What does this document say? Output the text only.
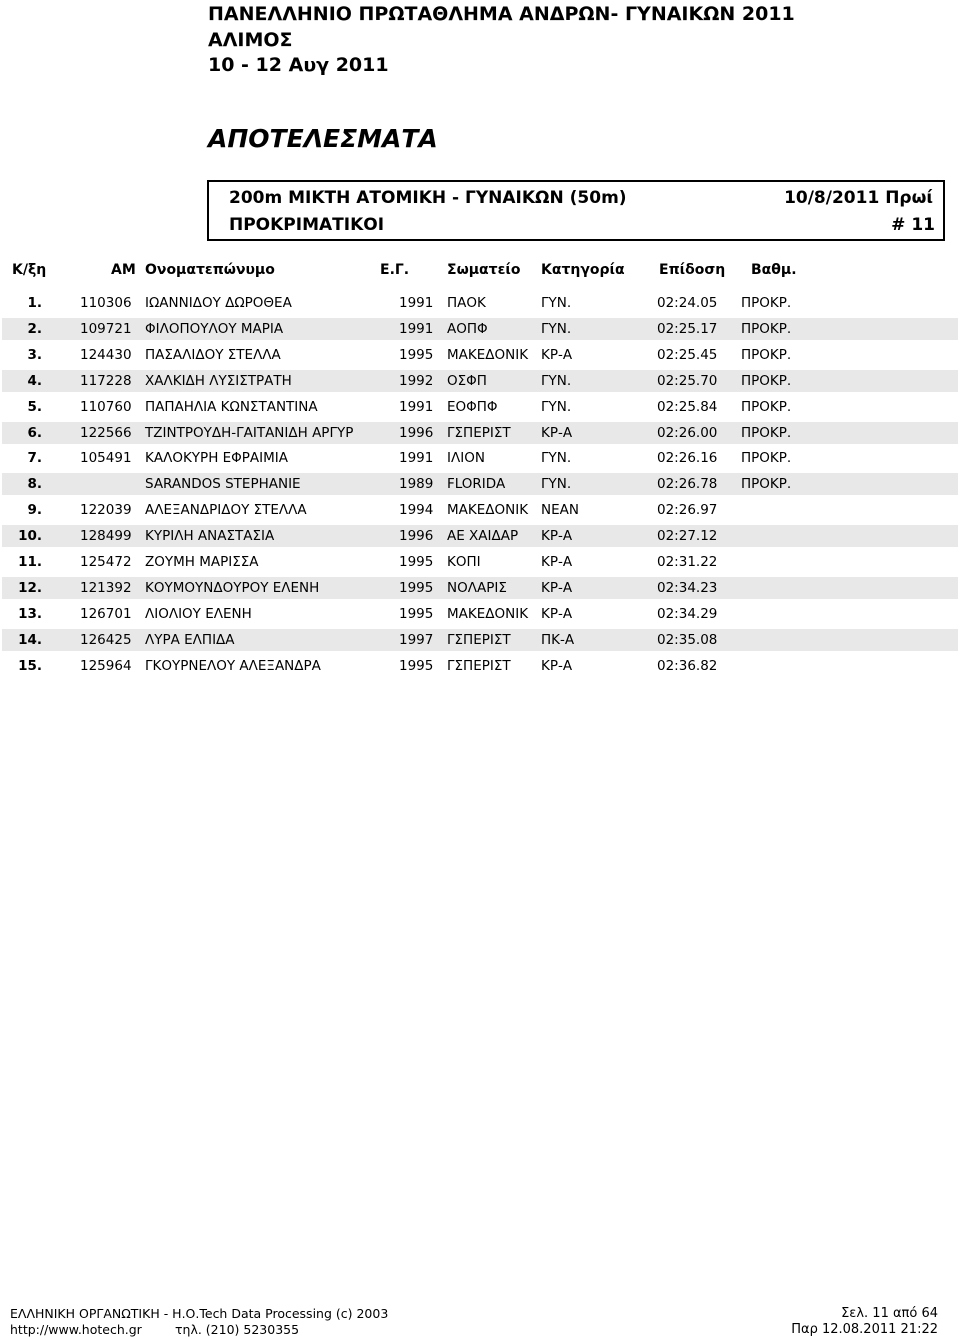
ΠΑΝΕΛΛΗΝΙΟ ΠΡΩΤΑΘΛΗΜΑ ΑΝΔΡΩΝ- ΓΥΝΑΙΚΩΝ 2011
ΑΛΙΜΟΣ
10 - 12 Αυγ 2011
ΑΠΟΤΕΛΕΣΜΑΤΑ
200m ΜΙΚΤΗ ΑΤΟΜΙΚΗ - ΓΥΝΑΙΚΩΝ (50m)
ΠΡΟΚΡΙΜΑΤΙΚΟΙ
10/8/2011 Πρωί
# 11
Κ/ξη	ΑΜ Ονοματεπώνυμο	Ε.Γ.	Σωματείο Κατηγορία Επίδοση Βαθμ.
1.	110306 ΙΩΑΝΝΙΔΟΥ ΔΩΡΟΘΕΑ	1991 ΠΑΟΚ	ΓΥΝ.	02:24.05 ΠΡΟΚΡ.
2.	109721 ΦΙΛΟΠΟΥΛΟΥ ΜΑΡΙΑ	1991 ΑΟΠΦ	ΓΥΝ.	02:25.17 ΠΡΟΚΡ.
3.	124430 ΠΑΣΑΛΙΔΟΥ ΣΤΕΛΛΑ	1995 ΜΑΚΕΔΟΝΙΚ ΚΡ-Α	02:25.45 ΠΡΟΚΡ.
4.	117228 ΧΑΛΚΙΔΗ ΛΥΣΙΣΤΡΑΤΗ	1992 ΟΣΦΠ	ΓΥΝ.	02:25.70 ΠΡΟΚΡ.
5.	110760 ΠΑΠΑΗΛΙΑ ΚΩΝΣΤΑΝΤΙΝΑ	1991 ΕΟΦΠΦ	ΓΥΝ.	02:25.84 ΠΡΟΚΡ.
6.	122566 ΤΖΙΝΤΡΟΥΔΗ-ΓΑΙΤΑΝΙΔΗ ΑΡΓΥΡ	1996 ΓΣΠΕΡΙΣΤ ΚΡ-Α	02:26.00 ΠΡΟΚΡ.
7.	105491 ΚΑΛΟΚΥΡΗ ΕΦΡΑΙΜΙΑ	1991 ΙΛΙΟΝ	ΓΥΝ.	02:26.16 ΠΡΟΚΡ.
8.	SARANDOS STEPHANIE	1989 FLORIDA	ΓΥΝ.	02:26.78 ΠΡΟΚΡ.
9.	122039 ΑΛΕΞΑΝΔΡΙΔΟΥ ΣΤΕΛΛΑ	1994 ΜΑΚΕΔΟΝΙΚ ΝΕΑΝ	02:26.97
10.	128499 ΚΥΡΙΛΗ ΑΝΑΣΤΑΣΙΑ	1996 ΑΕ ΧΑΙΔΑΡ ΚΡ-Α	02:27.12
11.	125472 ΖΟΥΜΗ ΜΑΡΙΣΣΑ	1995 ΚΟΠΙ	ΚΡ-Α	02:31.22
12.	121392 ΚΟΥΜΟΥΝΔΟΥΡΟΥ ΕΛΕΝΗ	1995 ΝΟΛΑΡΙΣ	ΚΡ-Α	02:34.23
13.	126701 ΛΙΟΛΙΟΥ ΕΛΕΝΗ	1995 ΜΑΚΕΔΟΝΙΚ ΚΡ-Α	02:34.29
14.	126425 ΛΥΡΑ ΕΛΠΙΔΑ	1997 ΓΣΠΕΡΙΣΤ ΠΚ-Α	02:35.08
15.	125964 ΓΚΟΥΡΝΕΛΟΥ ΑΛΕΞΑΝΔΡΑ	1995 ΓΣΠΕΡΙΣΤ ΚΡ-Α	02:36.82
ΕΛΛΗΝΙΚΗ ΟΡΓΑΝΩΤΙΚΗ - Η.Ο.Tech Data Processing (c) 2003
http://www.hotech.gr	τηλ. (210) 5230355
Σελ. 11 από 64
Παρ 12.08.2011 21:22
